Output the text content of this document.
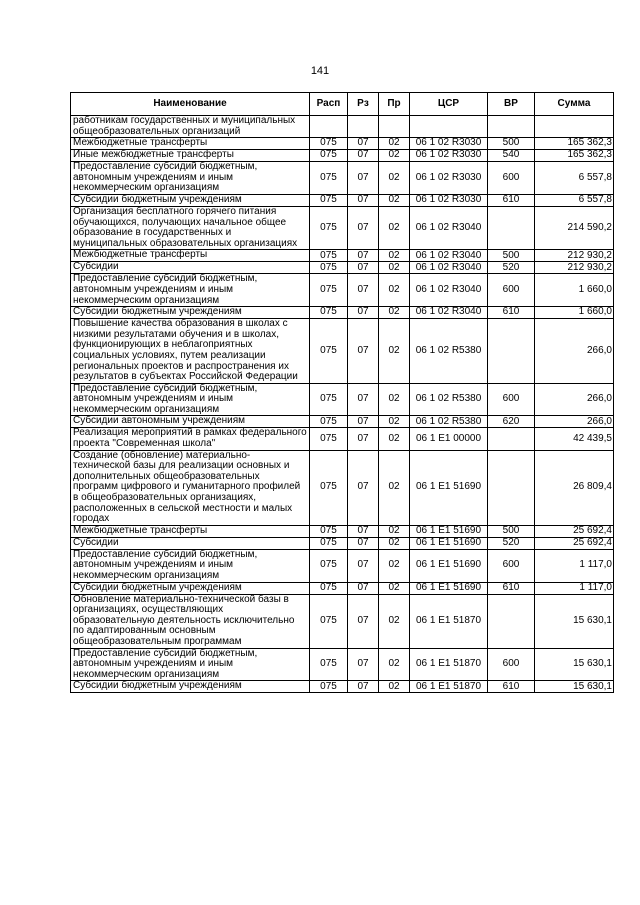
141
Наименование	Расп	Рз	Пр	ЦСР	ВР	Сумма
работникам государственных и муниципальных общеобразовательных организаций						
Межбюджетные трансферты	075	07	02	06 1 02 R3030	500	165 362,3
Иные межбюджетные трансферты	075	07	02	06 1 02 R3030	540	165 362,3
Предоставление субсидий бюджетным, автономным учреждениям и иным некоммерческим организациям	075	07	02	06 1 02 R3030	600	6 557,8
Субсидии бюджетным учреждениям	075	07	02	06 1 02 R3030	610	6 557,8
Организация бесплатного горячего питания обучающихся, получающих начальное общее образование в государственных и муниципальных образовательных организациях	075	07	02	06 1 02 R3040		214 590,2
Межбюджетные трансферты	075	07	02	06 1 02 R3040	500	212 930,2
Субсидии	075	07	02	06 1 02 R3040	520	212 930,2
Предоставление субсидий бюджетным, автономным учреждениям и иным некоммерческим организациям	075	07	02	06 1 02 R3040	600	1 660,0
Субсидии бюджетным учреждениям	075	07	02	06 1 02 R3040	610	1 660,0
Повышение качества образования в школах с низкими результатами обучения и в школах, функционирующих в неблагоприятных социальных условиях, путем реализации региональных проектов и распространения их результатов в субъектах Российской Федерации	075	07	02	06 1 02 R5380		266,0
Предоставление субсидий бюджетным, автономным учреждениям и иным некоммерческим организациям	075	07	02	06 1 02 R5380	600	266,0
Субсидии автономным учреждениям	075	07	02	06 1 02 R5380	620	266,0
Реализация мероприятий в рамках федерального проекта "Современная школа"	075	07	02	06 1 E1 00000		42 439,5
Создание (обновление) материально-технической базы для реализации основных и дополнительных общеобразовательных программ цифрового и гуманитарного профилей в общеобразовательных организациях, расположенных в сельской местности и малых городах	075	07	02	06 1 E1 51690		26 809,4
Межбюджетные трансферты	075	07	02	06 1 E1 51690	500	25 692,4
Субсидии	075	07	02	06 1 E1 51690	520	25 692,4
Предоставление субсидий бюджетным, автономным учреждениям и иным некоммерческим организациям	075	07	02	06 1 E1 51690	600	1 117,0
Субсидии бюджетным учреждениям	075	07	02	06 1 E1 51690	610	1 117,0
Обновление материально-технической базы в организациях, осуществляющих образовательную деятельность исключительно по адаптированным основным общеобразовательным программам	075	07	02	06 1 E1 51870		15 630,1
Предоставление субсидий бюджетным, автономным учреждениям и иным некоммерческим организациям	075	07	02	06 1 E1 51870	600	15 630,1
Субсидии бюджетным учреждениям	075	07	02	06 1 E1 51870	610	15 630,1
